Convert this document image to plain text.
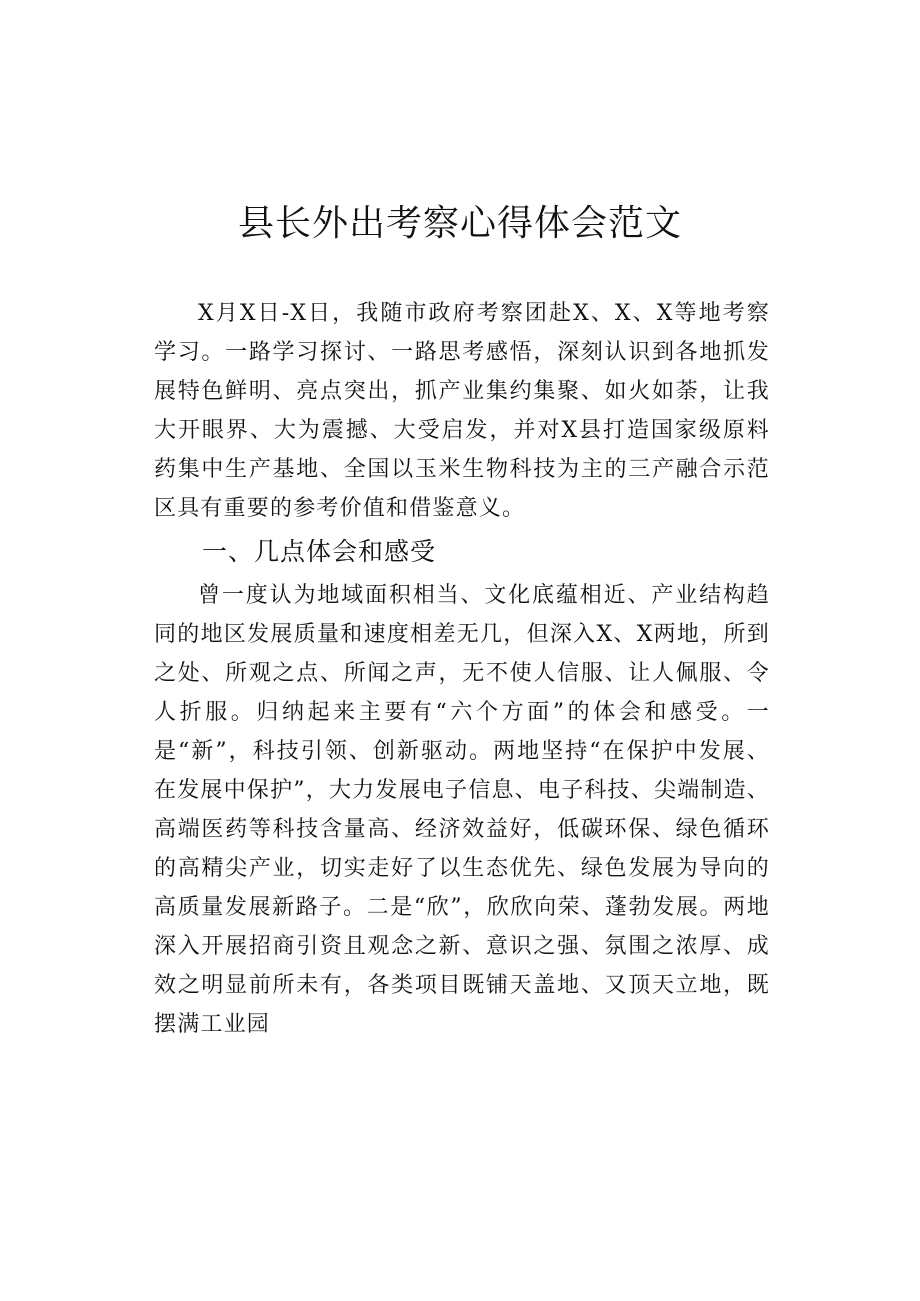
县长外出考察心得体会范文

X月X日-X日，我随市政府考察团赴X、X、X等地考察学习。一路学习探讨、一路思考感悟，深刻认识到各地抓发展特色鲜明、亮点突出，抓产业集约集聚、如火如荼，让我大开眼界、大为震撼、大受启发，并对X县打造国家级原料药集中生产基地、全国以玉米生物科技为主的三产融合示范区具有重要的参考价值和借鉴意义。

一、几点体会和感受

曾一度认为地域面积相当、文化底蕴相近、产业结构趋同的地区发展质量和速度相差无几，但深入X、X两地，所到之处、所观之点、所闻之声，无不使人信服、让人佩服、令人折服。归纳起来主要有“六个方面”的体会和感受。一是“新”，科技引领、创新驱动。两地坚持“在保护中发展、在发展中保护”，大力发展电子信息、电子科技、尖端制造、高端医药等科技含量高、经济效益好，低碳环保、绿色循环的高精尖产业，切实走好了以生态优先、绿色发展为导向的高质量发展新路子。二是“欣”，欣欣向荣、蓬勃发展。两地深入开展招商引资且观念之新、意识之强、氛围之浓厚、成效之明显前所未有，各类项目既铺天盖地、又顶天立地，既摆满工业园
